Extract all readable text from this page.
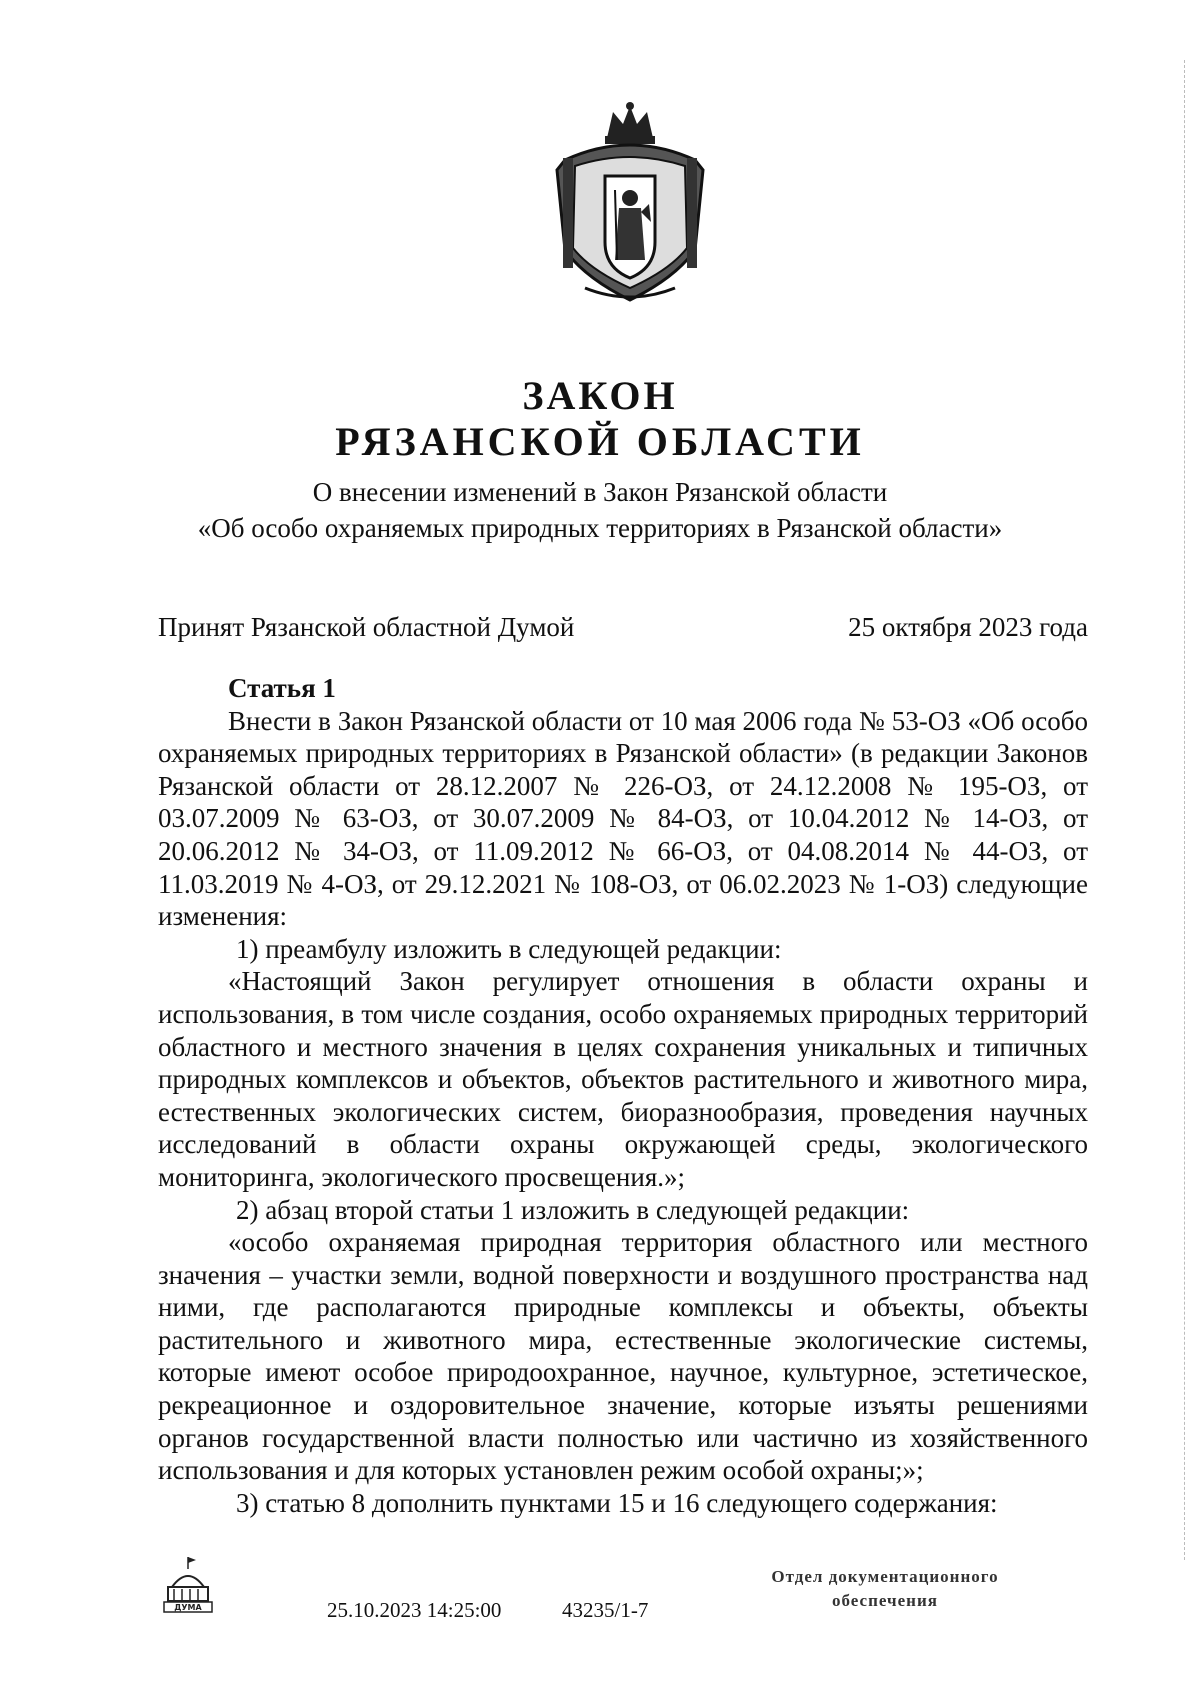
ЗАКОН
РЯЗАНСКОЙ ОБЛАСТИ
О внесении изменений в Закон Рязанской области
«Об особо охраняемых природных территориях в Рязанской области»
Принят Рязанской областной Думой	25 октября 2023 года

Статья 1

Внести в Закон Рязанской области от 10 мая 2006 года № 53-ОЗ «Об особо охраняемых природных территориях в Рязанской области» (в редакции Законов Рязанской области от 28.12.2007 № 226-ОЗ, от 24.12.2008 № 195-ОЗ, от 03.07.2009 № 63-ОЗ, от 30.07.2009 № 84-ОЗ, от 10.04.2012 № 14-ОЗ, от 20.06.2012 № 34-ОЗ, от 11.09.2012 № 66-ОЗ, от 04.08.2014 № 44-ОЗ, от 11.03.2019 № 4-ОЗ, от 29.12.2021 № 108-ОЗ, от 06.02.2023 № 1-ОЗ) следующие изменения:

1) преамбулу изложить в следующей редакции:

«Настоящий Закон регулирует отношения в области охраны и использования, в том числе создания, особо охраняемых природных территорий областного и местного значения в целях сохранения уникальных и типичных природных комплексов и объектов, объектов растительного и животного мира, естественных экологических систем, биоразнообразия, проведения научных исследований в области охраны окружающей среды, экологического мониторинга, экологического просвещения.»;

2) абзац второй статьи 1 изложить в следующей редакции:

«особо охраняемая природная территория областного или местного значения – участки земли, водной поверхности и воздушного пространства над ними, где располагаются природные комплексы и объекты, объекты растительного и животного мира, естественные экологические системы, которые имеют особое природоохранное, научное, культурное, эстетическое, рекреационное и оздоровительное значение, которые изъяты решениями органов государственной власти полностью или частично из хозяйственного использования и для которых установлен режим особой охраны;»;

3) статью 8 дополнить пунктами 15 и 16 следующего содержания:

ДУМА	25.10.2023 14:25:00	43235/1-7
Отдел документационного
обеспечения
